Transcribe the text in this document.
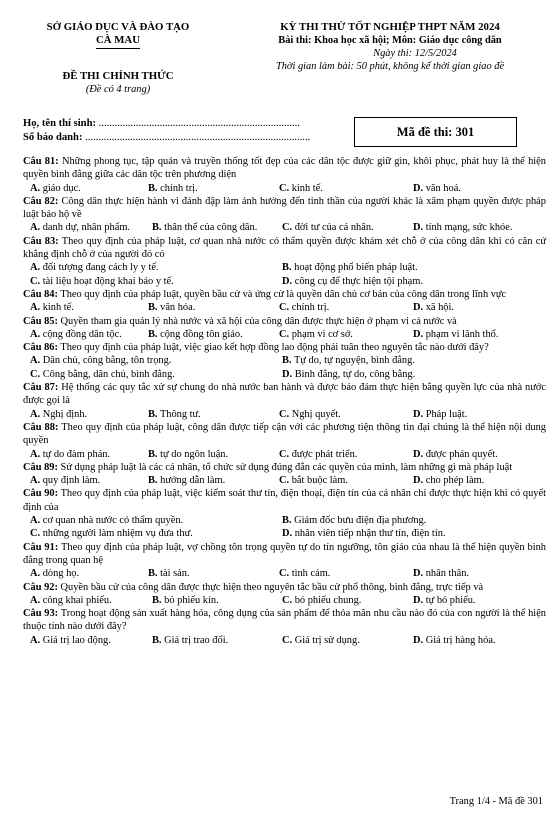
SỞ GIÁO DỤC VÀ ĐÀO TẠO
CÀ MAU
ĐỀ THI CHÍNH THỨC
(Đề có 4 trang)
KỲ THI THỬ TỐT NGHIỆP THPT NĂM 2024
Bài thi: Khoa học xã hội; Môn: Giáo dục công dân
Ngày thi: 12/5/2024
Thời gian làm bài: 50 phút, không kể thời gian giao đề
Họ, tên thí sinh: ............................................................................
Số báo danh: .....................................................................................	Mã đề thi: 301
Câu 81: Những phong tục, tập quán và truyền thống tốt đẹp của các dân tộc được giữ gìn, khôi phục, phát huy là thể hiện quyền bình đẳng giữa các dân tộc trên phương diện
A. giáo dục.	B. chính trị.	C. kinh tế.	D. văn hoá.
Câu 82: Công dân thực hiện hành vi đánh đập làm ảnh hưởng đến tinh thần của người khác là xâm phạm quyền được pháp luật bảo hộ về
A. danh dự, nhân phẩm. B. thân thể của công dân. C. đời tư của cá nhân.	D. tính mạng, sức khỏe.
Câu 83: Theo quy định của pháp luật, cơ quan nhà nước có thẩm quyền được khám xét chỗ ở của công dân khi có căn cứ khẳng định chỗ ở của người đó có
A. đối tượng đang cách ly y tế.	B. hoạt động phổ biến pháp luật.
C. tài liệu hoạt động khai báo y tế.	D. công cụ để thực hiện tội phạm.
Câu 84: Theo quy định của pháp luật, quyền bầu cử và ứng cử là quyền dân chủ cơ bản của công dân trong lĩnh vực
A. kinh tế.	B. văn hóa.	C. chính trị.	D. xã hội.
Câu 85: Quyền tham gia quản lý nhà nước và xã hội của công dân được thực hiện ở phạm vi cả nước và
A. cộng đồng dân tộc.	B. cộng đồng tôn giáo.	C. phạm vi cơ sở.	D. phạm vi lãnh thổ.
Câu 86: Theo quy định của pháp luật, việc giao kết hợp đồng lao động phải tuân theo nguyên tắc nào dưới đây?
A. Dân chủ, công bằng, tôn trọng.	B. Tự do, tự nguyện, bình đẳng.
C. Công bằng, dân chủ, bình đẳng.	D. Bình đẳng, tự do, công bằng.
Câu 87: Hệ thống các quy tắc xử sự chung do nhà nước ban hành và được bảo đảm thực hiện bằng quyền lực của nhà nước được gọi là
A. Nghị định.	B. Thông tư.	C. Nghị quyết.	D. Pháp luật.
Câu 88: Theo quy định của pháp luật, công dân được tiếp cận với các phương tiện thông tin đại chúng là thể hiện nội dung quyền
A. tự do đàm phán.	B. tự do ngôn luận.	C. được phát triển.	D. được phán quyết.
Câu 89: Sử dụng pháp luật là các cá nhân, tổ chức sử dụng đúng đắn các quyền của mình, làm những gì mà pháp luật
A. quy định làm.	B. hướng dẫn làm.	C. bắt buộc làm.	D. cho phép làm.
Câu 90: Theo quy định của pháp luật, việc kiểm soát thư tín, điện thoại, điện tín của cá nhân chỉ được thực hiện khi có quyết định của
A. cơ quan nhà nước có thẩm quyền.	B. Giám đốc bưu điện địa phương.
C. những người làm nhiệm vụ đưa thư.	D. nhân viên tiếp nhận thư tín, điện tín.
Câu 91: Theo quy định của pháp luật, vợ chồng tôn trọng quyền tự do tín ngưỡng, tôn giáo của nhau là thể hiện quyền bình đẳng trong quan hệ
A. dòng họ.	B. tài sản.	C. tình cảm.	D. nhân thân.
Câu 92: Quyền bầu cử của công dân được thực hiện theo nguyên tắc bầu cử phổ thông, bình đẳng, trực tiếp và
A. công khai phiếu.	B. bỏ phiếu kín.	C. bỏ phiếu chung.	D. tự bỏ phiếu.
Câu 93: Trong hoạt động sản xuất hàng hóa, công dụng của sản phẩm để thỏa mãn nhu cầu nào đó của con người là thể hiện thuộc tính nào dưới đây?
A. Giá trị lao động.	B. Giá trị trao đổi.	C. Giá trị sử dụng.	D. Giá trị hàng hóa.
Trang 1/4 - Mã đề 301
